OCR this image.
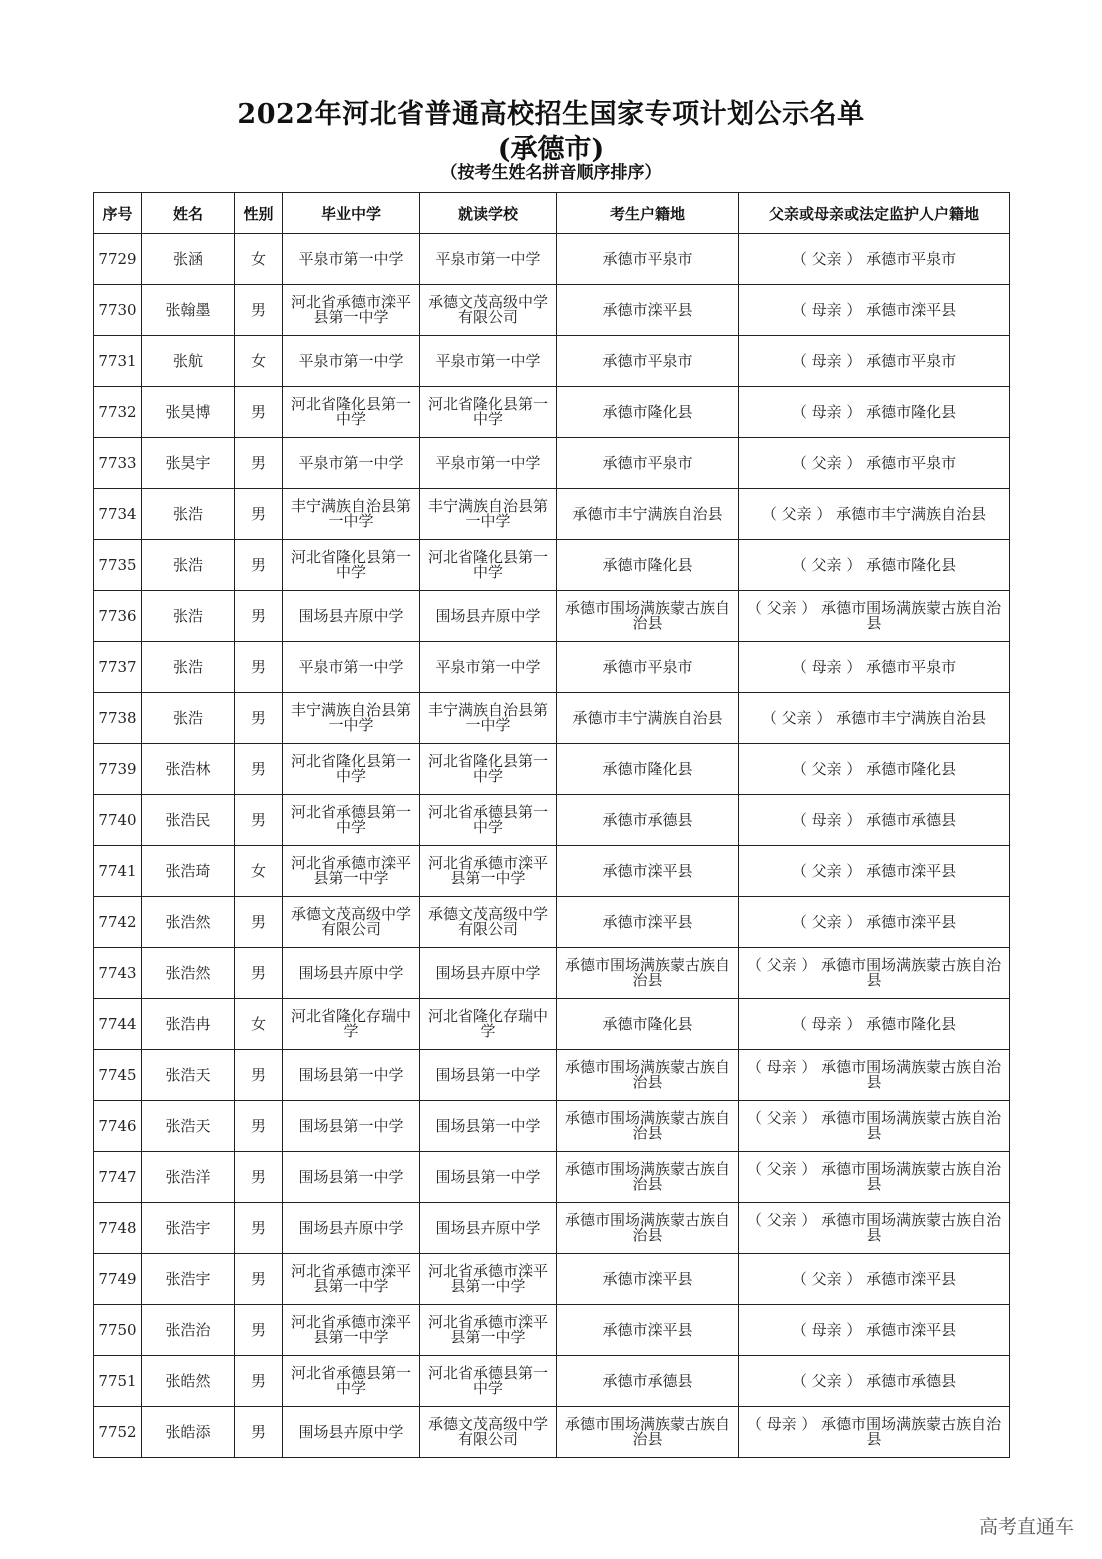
2022年河北省普通高校招生国家专项计划公示名单
(承德市)
（按考生姓名拼音顺序排序）
序号	姓名	性别	毕业中学	就读学校	考生户籍地	父亲或母亲或法定监护人户籍地
7729	张涵	女	平泉市第一中学	平泉市第一中学	承德市平泉市	（ 父亲 ） 承德市平泉市
7730	张翰墨	男	河北省承德市滦平县第一中学	承德文茂高级中学有限公司	承德市滦平县	（ 母亲 ） 承德市滦平县
7731	张航	女	平泉市第一中学	平泉市第一中学	承德市平泉市	（ 母亲 ） 承德市平泉市
7732	张昊博	男	河北省隆化县第一中学	河北省隆化县第一中学	承德市隆化县	（ 母亲 ） 承德市隆化县
7733	张昊宇	男	平泉市第一中学	平泉市第一中学	承德市平泉市	（ 父亲 ） 承德市平泉市
7734	张浩	男	丰宁满族自治县第一中学	丰宁满族自治县第一中学	承德市丰宁满族自治县	（ 父亲 ） 承德市丰宁满族自治县
7735	张浩	男	河北省隆化县第一中学	河北省隆化县第一中学	承德市隆化县	（ 父亲 ） 承德市隆化县
7736	张浩	男	围场县卉原中学	围场县卉原中学	承德市围场满族蒙古族自治县	（ 父亲 ） 承德市围场满族蒙古族自治县
7737	张浩	男	平泉市第一中学	平泉市第一中学	承德市平泉市	（ 母亲 ） 承德市平泉市
7738	张浩	男	丰宁满族自治县第一中学	丰宁满族自治县第一中学	承德市丰宁满族自治县	（ 父亲 ） 承德市丰宁满族自治县
7739	张浩林	男	河北省隆化县第一中学	河北省隆化县第一中学	承德市隆化县	（ 父亲 ） 承德市隆化县
7740	张浩民	男	河北省承德县第一中学	河北省承德县第一中学	承德市承德县	（ 母亲 ） 承德市承德县
7741	张浩琦	女	河北省承德市滦平县第一中学	河北省承德市滦平县第一中学	承德市滦平县	（ 父亲 ） 承德市滦平县
7742	张浩然	男	承德文茂高级中学有限公司	承德文茂高级中学有限公司	承德市滦平县	（ 父亲 ） 承德市滦平县
7743	张浩然	男	围场县卉原中学	围场县卉原中学	承德市围场满族蒙古族自治县	（ 父亲 ） 承德市围场满族蒙古族自治县
7744	张浩冉	女	河北省隆化存瑞中学	河北省隆化存瑞中学	承德市隆化县	（ 母亲 ） 承德市隆化县
7745	张浩天	男	围场县第一中学	围场县第一中学	承德市围场满族蒙古族自治县	（ 母亲 ） 承德市围场满族蒙古族自治县
7746	张浩天	男	围场县第一中学	围场县第一中学	承德市围场满族蒙古族自治县	（ 父亲 ） 承德市围场满族蒙古族自治县
7747	张浩洋	男	围场县第一中学	围场县第一中学	承德市围场满族蒙古族自治县	（ 父亲 ） 承德市围场满族蒙古族自治县
7748	张浩宇	男	围场县卉原中学	围场县卉原中学	承德市围场满族蒙古族自治县	（ 父亲 ） 承德市围场满族蒙古族自治县
7749	张浩宇	男	河北省承德市滦平县第一中学	河北省承德市滦平县第一中学	承德市滦平县	（ 父亲 ） 承德市滦平县
7750	张浩治	男	河北省承德市滦平县第一中学	河北省承德市滦平县第一中学	承德市滦平县	（ 母亲 ） 承德市滦平县
7751	张皓然	男	河北省承德县第一中学	河北省承德县第一中学	承德市承德县	（ 父亲 ） 承德市承德县
7752	张皓添	男	围场县卉原中学	承德文茂高级中学有限公司	承德市围场满族蒙古族自治县	（ 母亲 ） 承德市围场满族蒙古族自治县
高考直通车
